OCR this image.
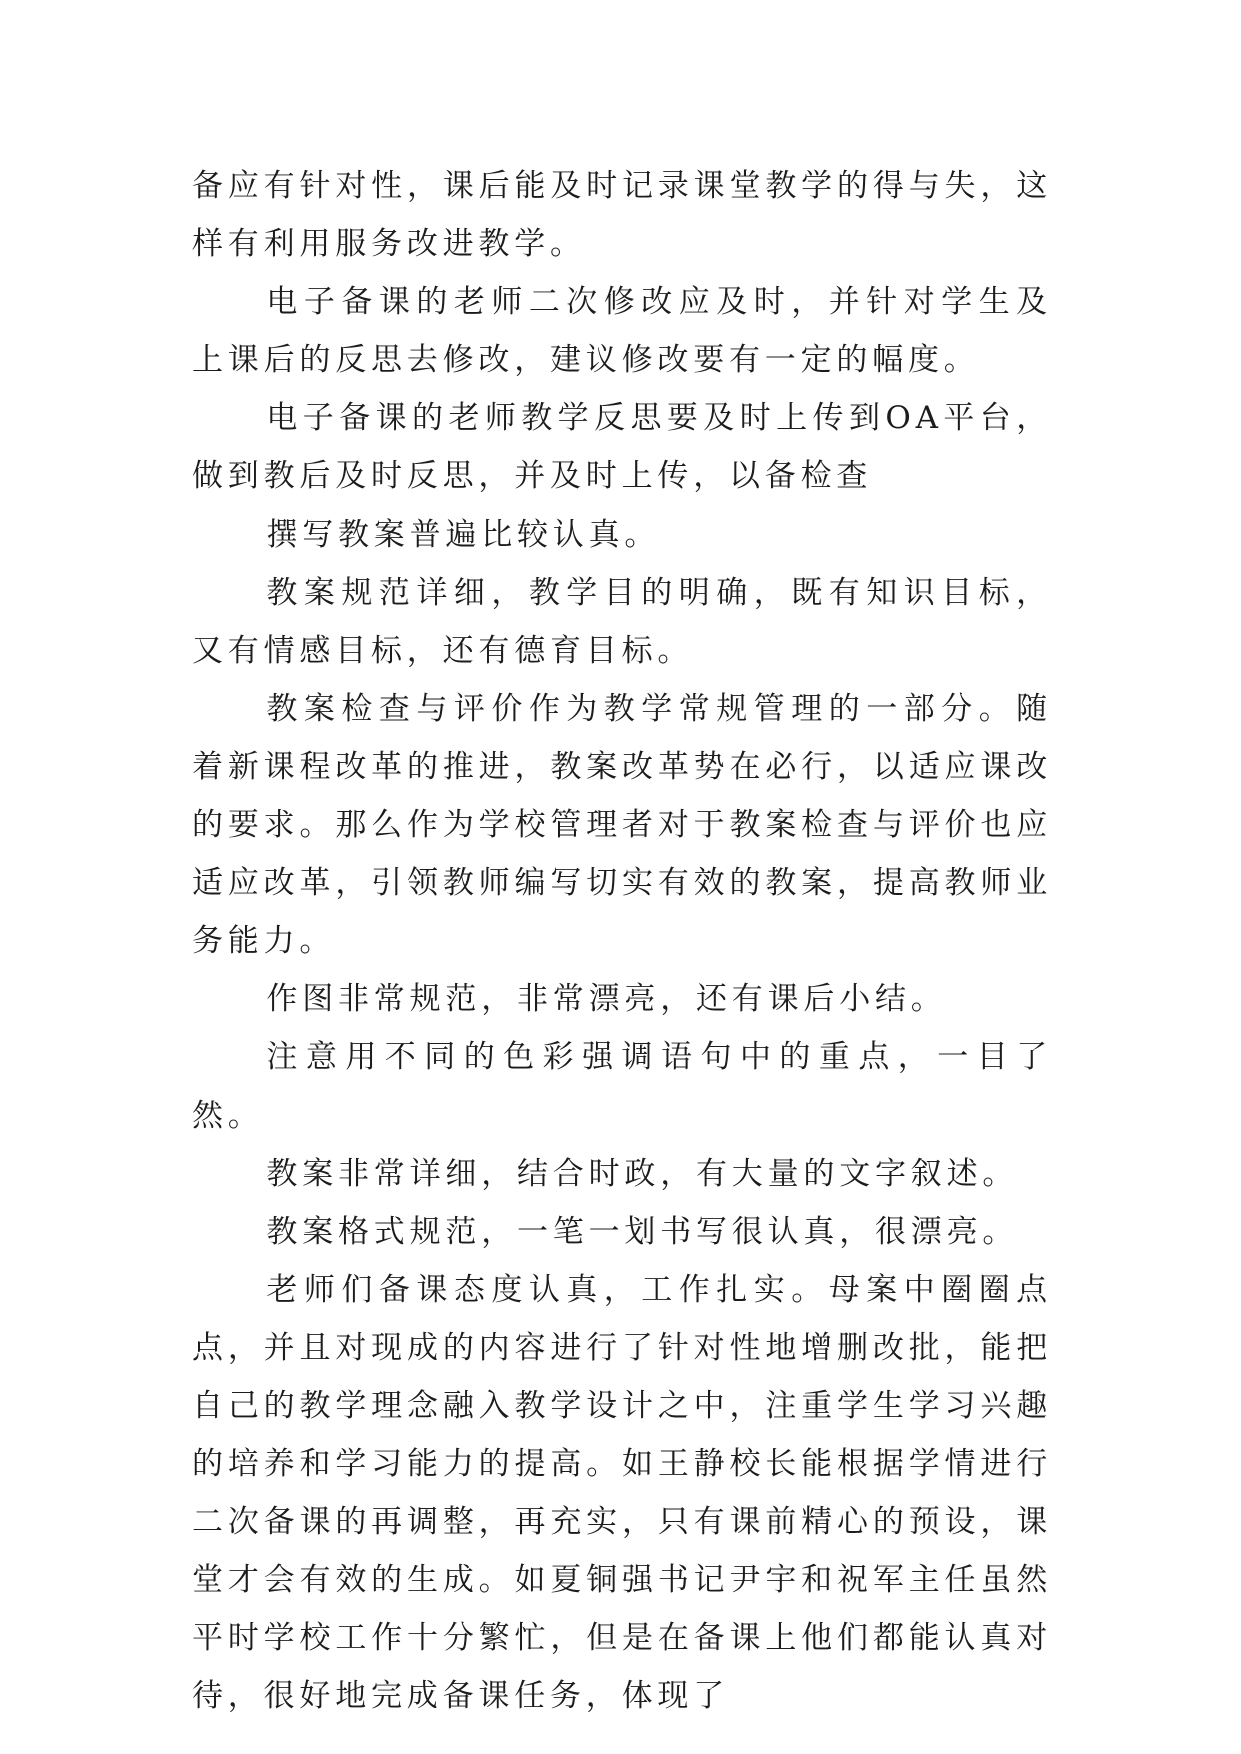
备应有针对性，课后能及时记录课堂教学的得与失，这样有利用服务改进教学。

电子备课的老师二次修改应及时，并针对学生及上课后的反思去修改，建议修改要有一定的幅度。

电子备课的老师教学反思要及时上传到OA平台，做到教后及时反思，并及时上传，以备检查

撰写教案普遍比较认真。

教案规范详细，教学目的明确，既有知识目标，又有情感目标，还有德育目标。

教案检查与评价作为教学常规管理的一部分。随着新课程改革的推进，教案改革势在必行，以适应课改的要求。那么作为学校管理者对于教案检查与评价也应适应改革，引领教师编写切实有效的教案，提高教师业务能力。

作图非常规范，非常漂亮，还有课后小结。

注意用不同的色彩强调语句中的重点，一目了然。

教案非常详细，结合时政，有大量的文字叙述。

教案格式规范，一笔一划书写很认真，很漂亮。

老师们备课态度认真，工作扎实。母案中圈圈点点，并且对现成的内容进行了针对性地增删改批，能把自己的教学理念融入教学设计之中，注重学生学习兴趣的培养和学习能力的提高。如王静校长能根据学情进行二次备课的再调整，再充实，只有课前精心的预设，课堂才会有效的生成。如夏铜强书记尹宇和祝军主任虽然平时学校工作十分繁忙，但是在备课上他们都能认真对待，很好地完成备课任务，体现了
